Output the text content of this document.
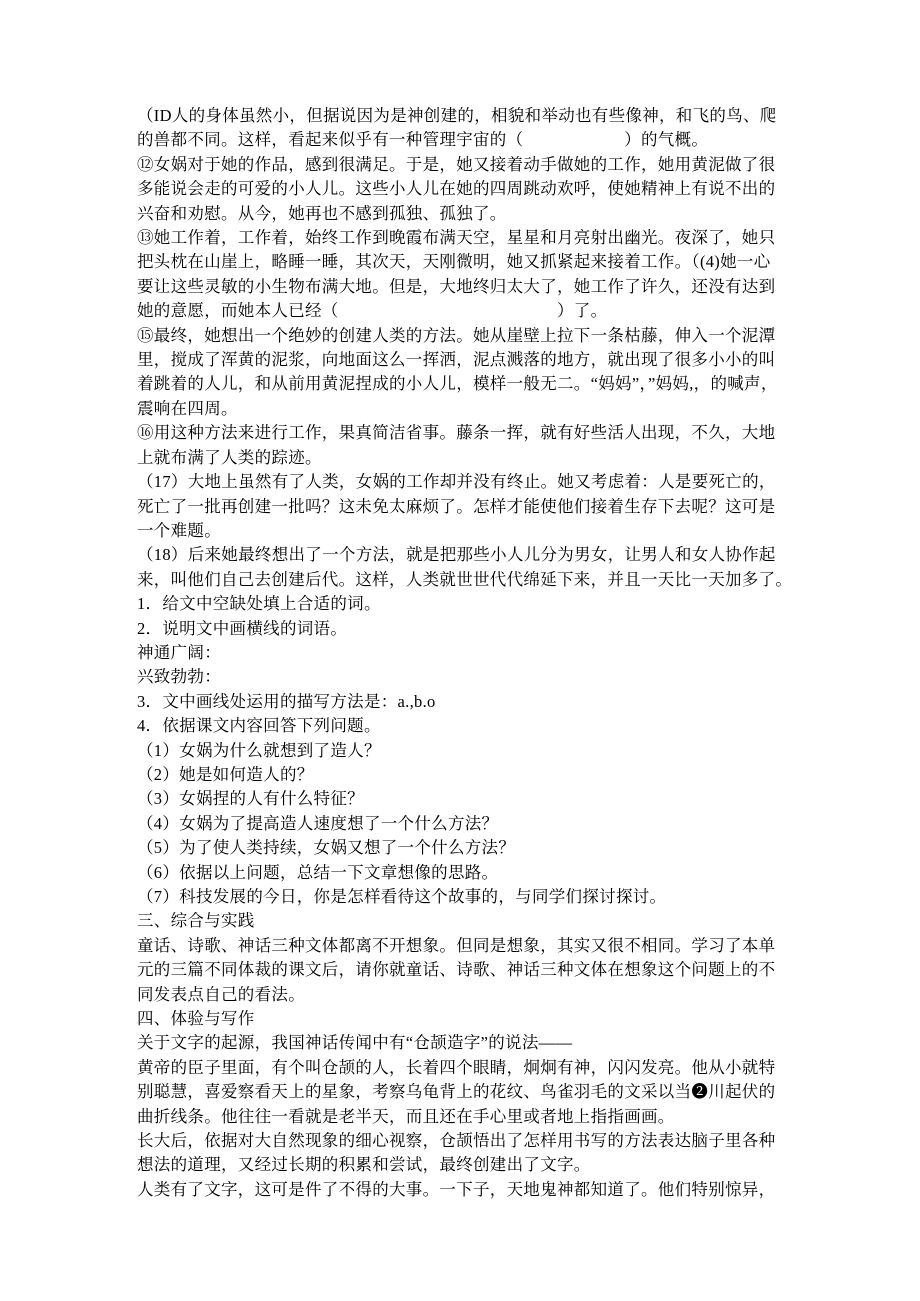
（ID人的身体虽然小，但据说因为是神创建的，相貌和举动也有些像神，和飞的鸟、爬
的兽都不同。这样，看起来似乎有一种管理宇宙的（　　　　　　）的气概。
⑫女娲对于她的作品，感到很满足。于是，她又接着动手做她的工作，她用黄泥做了很
多能说会走的可爱的小人儿。这些小人儿在她的四周跳动欢呼，使她精神上有说不出的
兴奋和劝慰。从今，她再也不感到孤独、孤独了。
⑬她工作着，工作着，始终工作到晚霞布满天空，星星和月亮射出幽光。夜深了，她只
把头枕在山崖上，略睡一睡，其次天，天刚微明，她又抓紧起来接着工作。（(4)她一心
要让这些灵敏的小生物布满大地。但是，大地终归太大了，她工作了许久，还没有达到
她的意愿，而她本人已经（　　　　　　　　　　　　　）了。
⑮最终，她想出一个绝妙的创建人类的方法。她从崖壁上拉下一条枯藤，伸入一个泥潭
里，搅成了浑黄的泥浆，向地面这么一挥洒，泥点溅落的地方，就出现了很多小小的叫
着跳着的人儿，和从前用黄泥捏成的小人儿，模样一般无二。“妈妈”，”妈妈,，的喊声，
震响在四周。
⑯用这种方法来进行工作，果真简洁省事。藤条一挥，就有好些活人出现，不久，大地
上就布满了人类的踪迹。
（17）大地上虽然有了人类，女娲的工作却并没有终止。她又考虑着：人是要死亡的，
死亡了一批再创建一批吗？这未免太麻烦了。怎样才能使他们接着生存下去呢？这可是
一个难题。
（18）后来她最终想出了一个方法，就是把那些小人儿分为男女，让男人和女人协作起
来，叫他们自己去创建后代。这样，人类就世世代代绵延下来，并且一天比一天加多了。
1．给文中空缺处填上合适的词。
2．说明文中画横线的词语。
神通广阔：
兴致勃勃：
3．文中画线处运用的描写方法是：a.,b.o
4．依据课文内容回答下列问题。
（1）女娲为什么就想到了造人？
（2）她是如何造人的？
（3）女娲捏的人有什么特征？
（4）女娲为了提高造人速度想了一个什么方法？
（5）为了使人类持续，女娲又想了一个什么方法？
（6）依据以上问题，总结一下文章想像的思路。
（7）科技发展的今日，你是怎样看待这个故事的，与同学们探讨探讨。
三、综合与实践
童话、诗歌、神话三种文体都离不开想象。但同是想象，其实又很不相同。学习了本单
元的三篇不同体裁的课文后，请你就童话、诗歌、神话三种文体在想象这个问题上的不
同发表点自己的看法。
四、体验与写作
关于文字的起源，我国神话传闻中有“仓颉造字”的说法——
黄帝的臣子里面，有个叫仓颉的人，长着四个眼睛，炯炯有神，闪闪发亮。他从小就特
别聪慧，喜爱察看天上的星象，考察乌龟背上的花纹、鸟雀羽毛的文采以当❷川起伏的
曲折线条。他往往一看就是老半天，而且还在手心里或者地上指指画画。
长大后，依据对大自然现象的细心视察，仓颉悟出了怎样用书写的方法表达脑子里各种
想法的道理，又经过长期的积累和尝试，最终创建出了文字。
人类有了文字，这可是件了不得的大事。一下子，天地鬼神都知道了。他们特别惊异，
